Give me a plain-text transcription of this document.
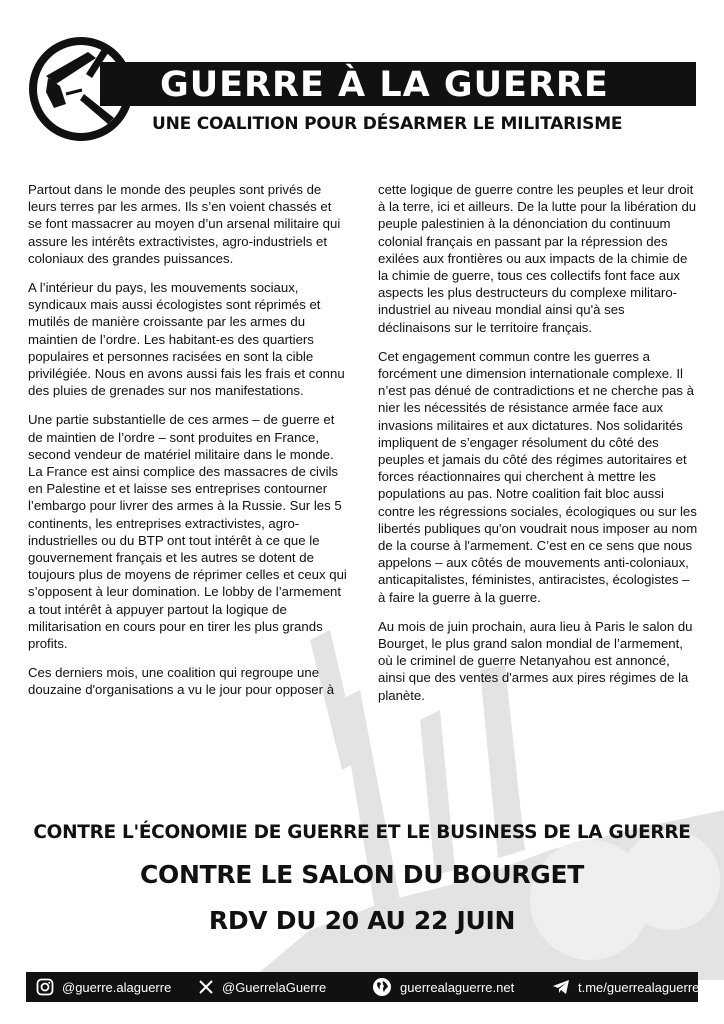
GUERRE À LA GUERRE
UNE COALITION POUR DÉSARMER LE MILITARISME

Partout dans le monde des peuples sont privés de leurs terres par les armes. Ils s’en voient chassés et se font massacrer au moyen d’un arsenal militaire qui assure les intérêts extractivistes, agro-industriels et coloniaux des grandes puissances.

A l’intérieur du pays, les mouvements sociaux, syndicaux mais aussi écologistes sont réprimés et mutilés de manière croissante par les armes du maintien de l’ordre. Les habitant-es des quartiers populaires et personnes racisées en sont la cible privilégiée. Nous en avons aussi fais les frais et connu des pluies de grenades sur nos manifestations.

Une partie substantielle de ces armes – de guerre et de maintien de l’ordre – sont produites en France, second vendeur de matériel militaire dans le monde. La France est ainsi complice des massacres de civils en Palestine et et laisse ses entreprises contourner l’embargo pour livrer des armes à la Russie. Sur les 5 continents, les entreprises extractivistes, agro-industrielles ou du BTP ont tout intérêt à ce que le gouvernement français et les autres se dotent de toujours plus de moyens de réprimer celles et ceux qui s’opposent à leur domination. Le lobby de l’armement a tout intérêt à appuyer partout la logique de militarisation en cours pour en tirer les plus grands profits.

Ces derniers mois, une coalition qui regroupe une douzaine d'organisations a vu le jour pour opposer à

cette logique de guerre contre les peuples et leur droit à la terre, ici et ailleurs. De la lutte pour la libération du peuple palestinien à la dénonciation du continuum colonial français en passant par la répression des exilées aux frontières ou aux impacts de la chimie de la chimie de guerre, tous ces collectifs font face aux aspects les plus destructeurs du complexe militaro-industriel au niveau mondial ainsi qu'à ses déclinaisons sur le territoire français.

Cet engagement commun contre les guerres a forcément une dimension internationale complexe. Il n’est pas dénué de contradictions et ne cherche pas à nier les nécessités de résistance armée face aux invasions militaires et aux dictatures. Nos solidarités impliquent de s’engager résolument du côté des peuples et jamais du côté des régimes autoritaires et forces réactionnaires qui cherchent à mettre les populations au pas. Notre coalition fait bloc aussi contre les régressions sociales, écologiques ou sur les libertés publiques qu'on voudrait nous imposer au nom de la course à l'armement. C’est en ce sens que nous appelons – aux côtés de mouvements anti-coloniaux, anticapitalistes, féministes, antiracistes, écologistes – à faire la guerre à la guerre.

Au mois de juin prochain, aura lieu à Paris le salon du Bourget, le plus grand salon mondial de l’armement, où le criminel de guerre Netanyahou est annoncé, ainsi que des ventes d'armes aux pires régimes de la planète.

CONTRE L'ÉCONOMIE DE GUERRE ET LE BUSINESS DE LA GUERRE
CONTRE LE SALON DU BOURGET
RDV DU 20 AU 22 JUIN
@guerre.alaguerre	@GuerrelaGuerre	guerrealaguerre.net	t.me/guerrealaguerre
